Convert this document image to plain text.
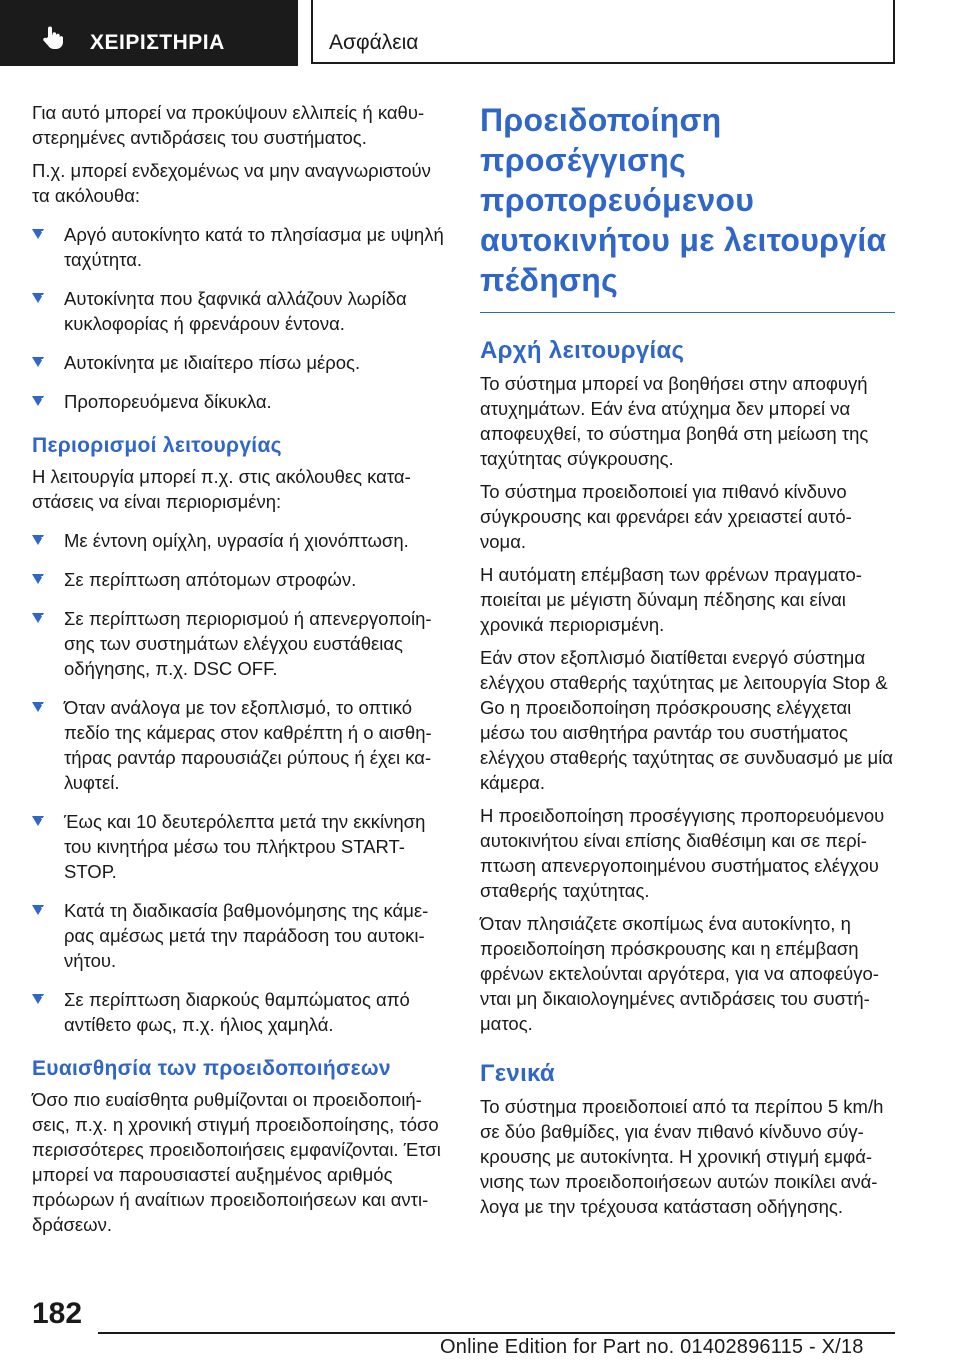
ΧΕΙΡΙΣΤΗΡΙΑ	Ασφάλεια

Για αυτό μπορεί να προκύψουν ελλιπείς ή καθυ-στερημένες αντιδράσεις του συστήματος.

Π.χ. μπορεί ενδεχομένως να μην αναγνωριστούν τα ακόλουθα:

Αργό αυτοκίνητο κατά το πλησίασμα με υψηλή ταχύτητα.
Αυτοκίνητα που ξαφνικά αλλάζουν λωρίδα κυκλοφορίας ή φρενάρουν έντονα.
Αυτοκίνητα με ιδιαίτερο πίσω μέρος.
Προπορευόμενα δίκυκλα.
Περιορισμοί λειτουργίας

Η λειτουργία μπορεί π.χ. στις ακόλουθες κατα-στάσεις να είναι περιορισμένη:

Με έντονη ομίχλη, υγρασία ή χιονόπτωση.
Σε περίπτωση απότομων στροφών.
Σε περίπτωση περιορισμού ή απενεργοποίη-σης των συστημάτων ελέγχου ευστάθειας οδήγησης, π.χ. DSC OFF.
Όταν ανάλογα με τον εξοπλισμό, το οπτικό πεδίο της κάμερας στον καθρέπτη ή ο αισθη-τήρας ραντάρ παρουσιάζει ρύπους ή έχει κα-λυφτεί.
Έως και 10 δευτερόλεπτα μετά την εκκίνηση του κινητήρα μέσω του πλήκτρου START-STOP.
Κατά τη διαδικασία βαθμονόμησης της κάμε-ρας αμέσως μετά την παράδοση του αυτοκι-νήτου.
Σε περίπτωση διαρκούς θαμπώματος από αντίθετο φως, π.χ. ήλιος χαμηλά.
Ευαισθησία των προειδοποιήσεων

Όσο πιο ευαίσθητα ρυθμίζονται οι προειδοποιή-σεις, π.χ. η χρονική στιγμή προειδοποίησης, τόσο περισσότερες προειδοποιήσεις εμφανίζονται. Έτσι μπορεί να παρουσιαστεί αυξημένος αριθμός πρόωρων ή αναίτιων προειδοποιήσεων και αντι-δράσεων.

Προειδοποίηση προσέγγισης προπορευόμενου αυτοκινήτου με λειτουργία πέδησης
Αρχή λειτουργίας

Το σύστημα μπορεί να βοηθήσει στην αποφυγή ατυχημάτων. Εάν ένα ατύχημα δεν μπορεί να αποφευχθεί, το σύστημα βοηθά στη μείωση της ταχύτητας σύγκρουσης.

Το σύστημα προειδοποιεί για πιθανό κίνδυνο σύγκρουσης και φρενάρει εάν χρειαστεί αυτό-νομα.

Η αυτόματη επέμβαση των φρένων πραγματο-ποιείται με μέγιστη δύναμη πέδησης και είναι χρονικά περιορισμένη.

Εάν στον εξοπλισμό διατίθεται ενεργό σύστημα ελέγχου σταθερής ταχύτητας με λειτουργία Stop & Go η προειδοποίηση πρόσκρουσης ελέγχεται μέσω του αισθητήρα ραντάρ του συστήματος ελέγχου σταθερής ταχύτητας σε συνδυασμό με μία κάμερα.

Η προειδοποίηση προσέγγισης προπορευόμενου αυτοκινήτου είναι επίσης διαθέσιμη και σε περί-πτωση απενεργοποιημένου συστήματος ελέγχου σταθερής ταχύτητας.

Όταν πλησιάζετε σκοπίμως ένα αυτοκίνητο, η προειδοποίηση πρόσκρουσης και η επέμβαση φρένων εκτελούνται αργότερα, για να αποφεύγο-νται μη δικαιολογημένες αντιδράσεις του συστή-ματος.

Γενικά

Το σύστημα προειδοποιεί από τα περίπου 5 km/h σε δύο βαθμίδες, για έναν πιθανό κίνδυνο σύγ-κρουσης με αυτοκίνητα. Η χρονική στιγμή εμφά-νισης των προειδοποιήσεων αυτών ποικίλει ανά-λογα με την τρέχουσα κατάσταση οδήγησης.

182
Online Edition for Part no. 01402896115 - X/18
